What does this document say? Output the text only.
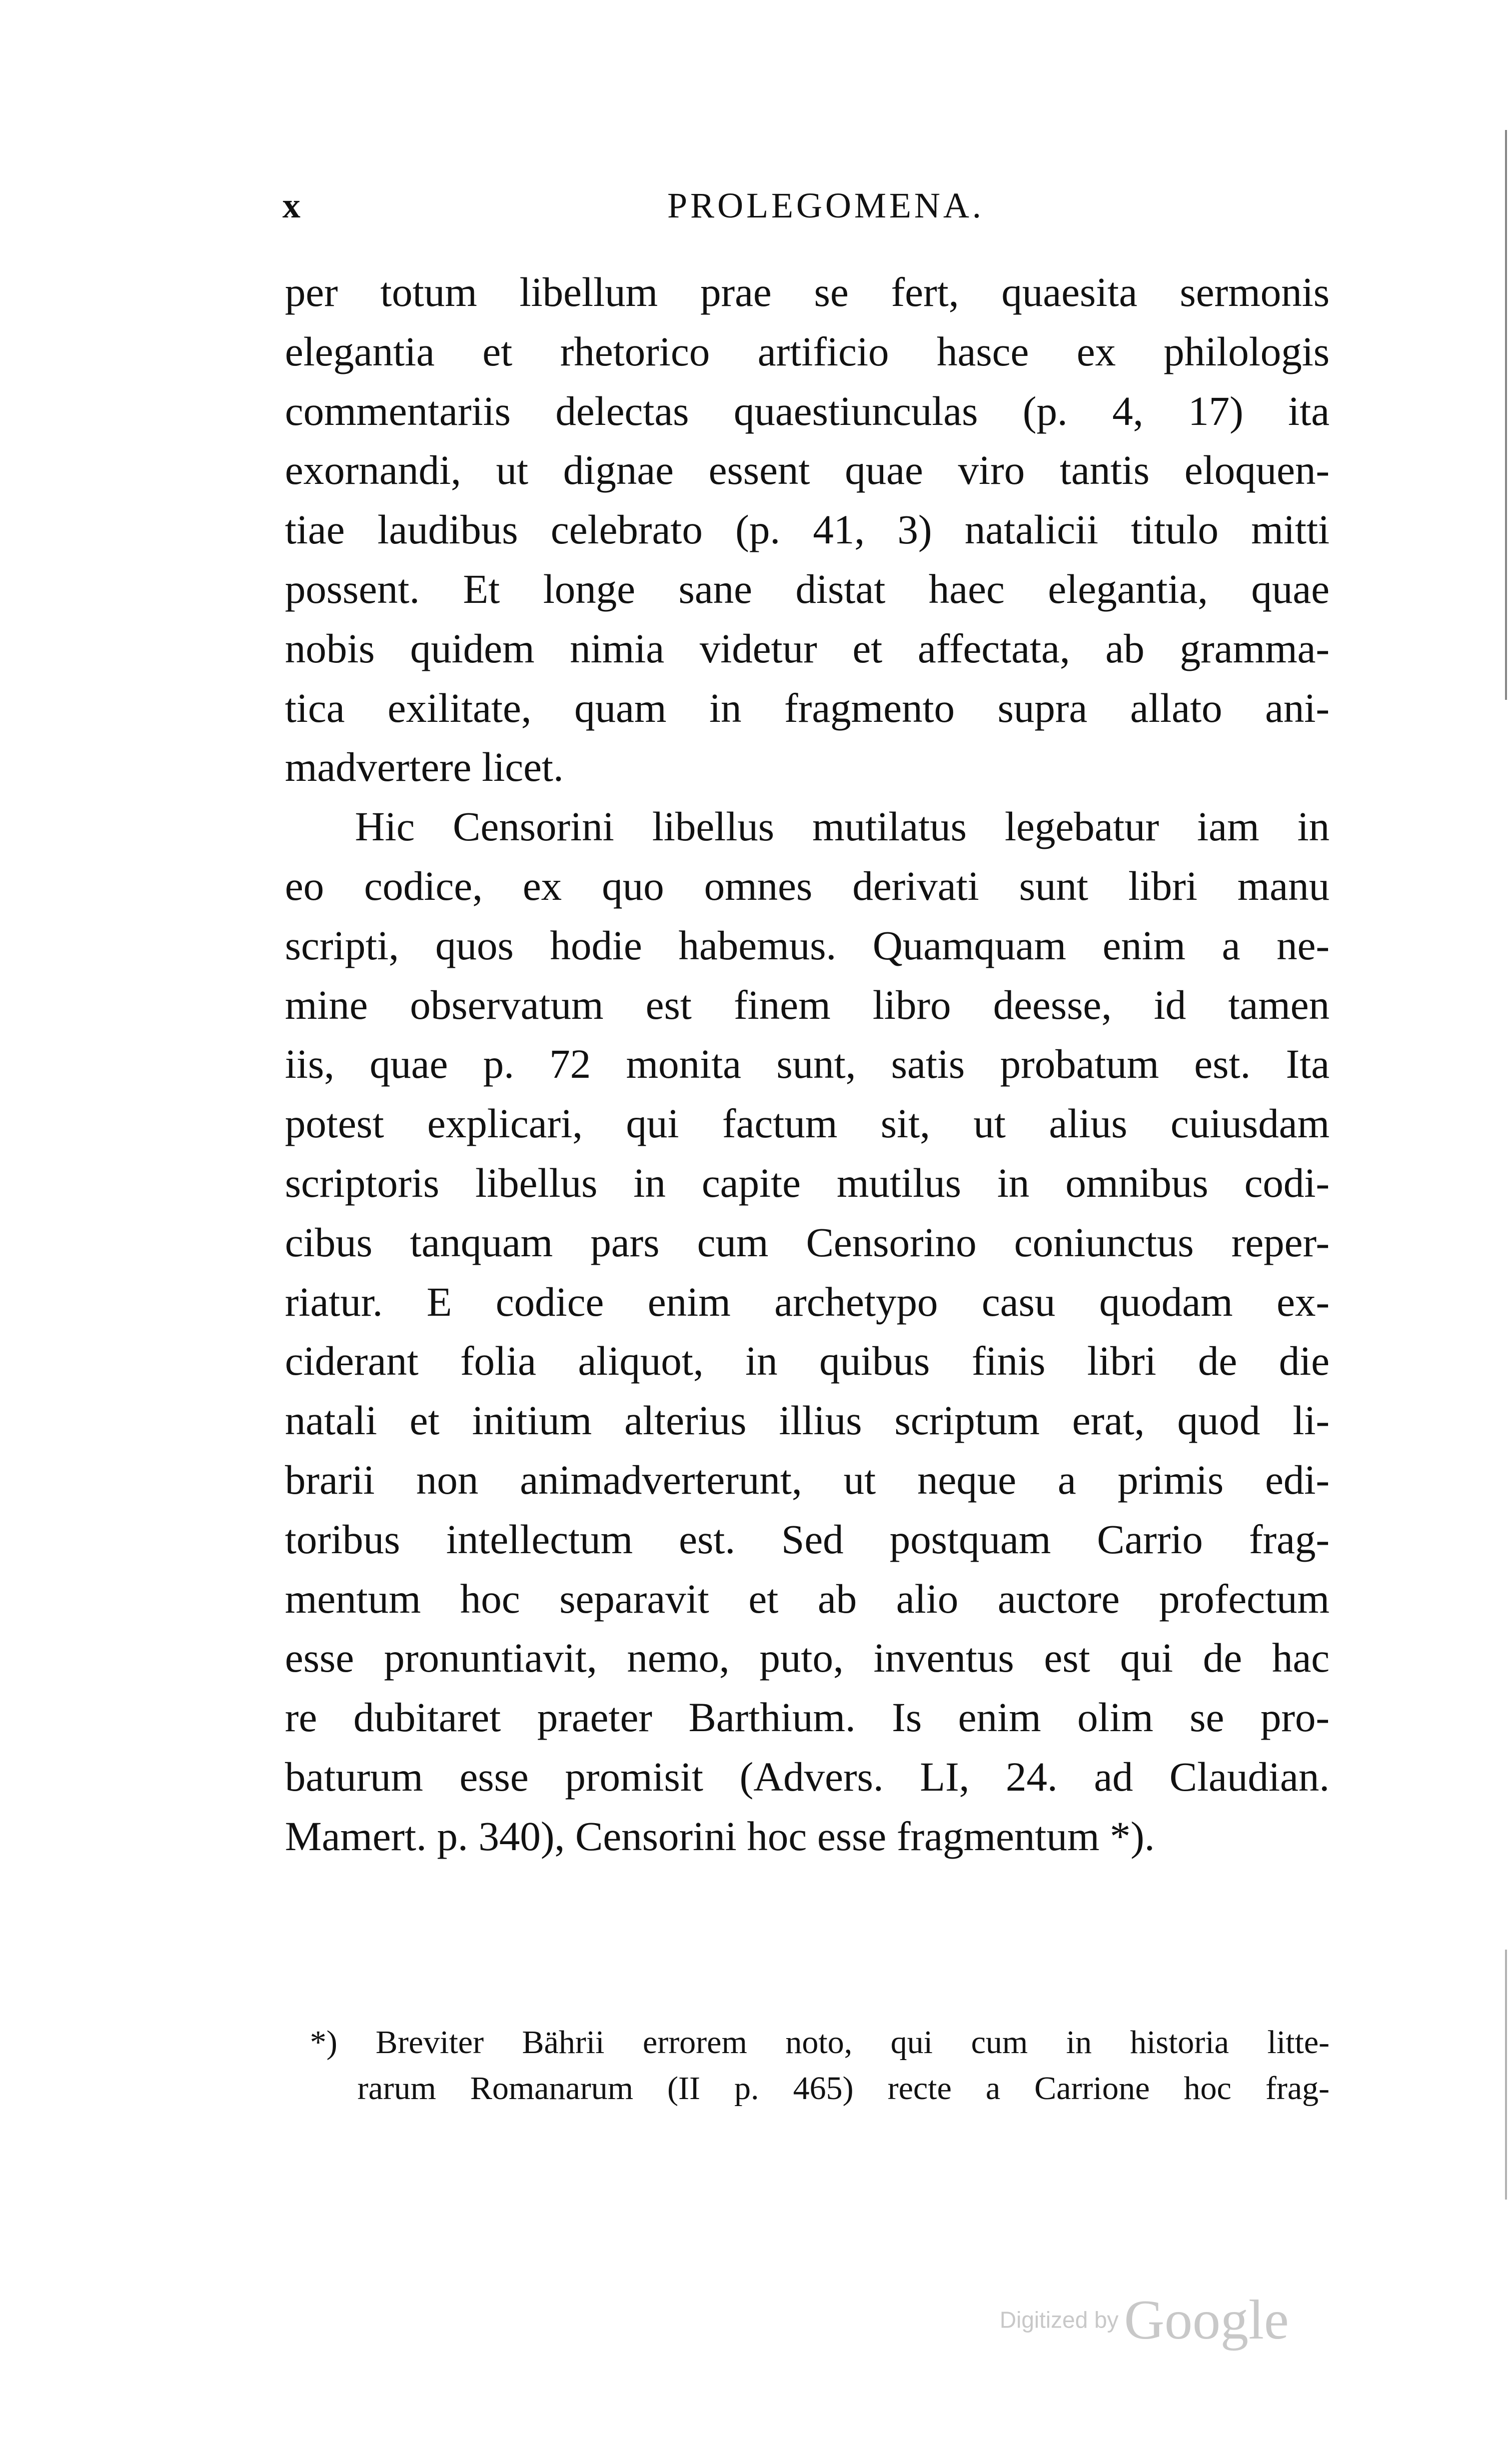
x	PROLEGOMENA.
per totum libellum prae se fert, quaesita sermonis
elegantia et rhetorico artificio hasce ex philologis
commentariis delectas quaestiunculas (p. 4, 17) ita
exornandi, ut dignae essent quae viro tantis eloquen-
tiae laudibus celebrato (p. 41, 3) natalicii titulo mitti
possent. Et longe sane distat haec elegantia, quae
nobis quidem nimia videtur et affectata, ab gramma-
tica exilitate, quam in fragmento supra allato ani-
madvertere licet.
Hic Censorini libellus mutilatus legebatur iam in
eo codice, ex quo omnes derivati sunt libri manu
scripti, quos hodie habemus. Quamquam enim a ne-
mine observatum est finem libro deesse, id tamen
iis, quae p. 72 monita sunt, satis probatum est. Ita
potest explicari, qui factum sit, ut alius cuiusdam
scriptoris libellus in capite mutilus in omnibus codi-
cibus tanquam pars cum Censorino coniunctus reper-
riatur. E codice enim archetypo casu quodam ex-
ciderant folia aliquot, in quibus finis libri de die
natali et initium alterius illius scriptum erat, quod li-
brarii non animadverterunt, ut neque a primis edi-
toribus intellectum est. Sed postquam Carrio frag-
mentum hoc separavit et ab alio auctore profectum
esse pronuntiavit, nemo, puto, inventus est qui de hac
re dubitaret praeter Barthium. Is enim olim se pro-
baturum esse promisit (Advers. LI, 24. ad Claudian.
Mamert. p. 340), Censorini hoc esse fragmentum *).
*) Breviter Bährii errorem noto, qui cum in historia litte-
rarum Romanarum (II p. 465) recte a Carrione hoc frag-
Digitized by Google
